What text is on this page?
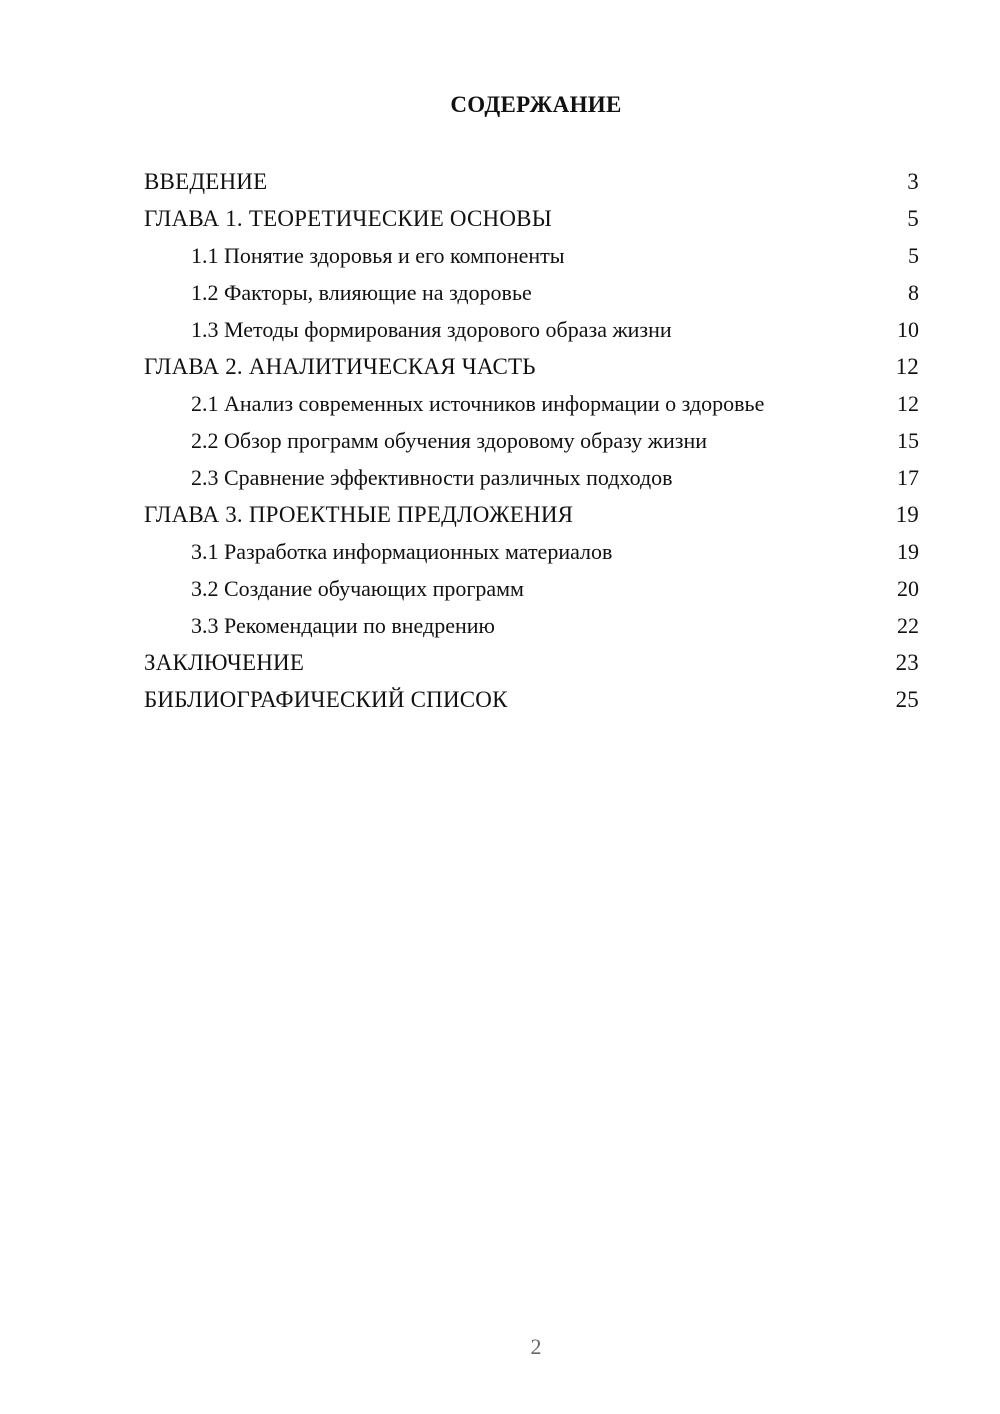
СОДЕРЖАНИЕ
ВВЕДЕНИЕ	3
ГЛАВА 1. ТЕОРЕТИЧЕСКИЕ ОСНОВЫ	5
1.1 Понятие здоровья и его компоненты	5
1.2 Факторы, влияющие на здоровье	8
1.3 Методы формирования здорового образа жизни	10
ГЛАВА 2. АНАЛИТИЧЕСКАЯ ЧАСТЬ	12
2.1 Анализ современных источников информации о здоровье	12
2.2 Обзор программ обучения здоровому образу жизни	15
2.3 Сравнение эффективности различных подходов	17
ГЛАВА 3. ПРОЕКТНЫЕ ПРЕДЛОЖЕНИЯ	19
3.1 Разработка информационных материалов	19
3.2 Создание обучающих программ	20
3.3 Рекомендации по внедрению	22
ЗАКЛЮЧЕНИЕ	23
БИБЛИОГРАФИЧЕСКИЙ СПИСОК	25
2
